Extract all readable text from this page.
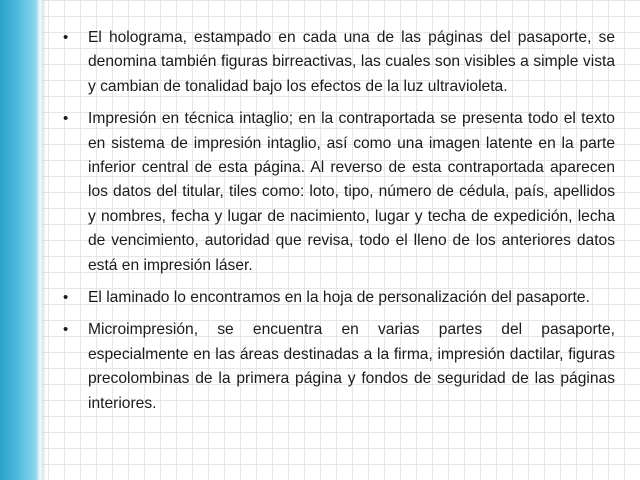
• El holograma, estampado en cada una de las páginas del pasaporte, se denomina también figuras birreactivas, las cuales son visibles a simple vista y cambian de tonalidad bajo los efectos de la luz ultravioleta.
• Impresión en técnica intaglio; en la contraportada se presenta todo el texto en sistema de impresión intaglio, así como una imagen latente en la parte inferior central de esta página. Al reverso de esta contraportada aparecen los datos del titular, tiles como: loto, tipo, número de cédula, país, apellidos y nombres, fecha y lugar de nacimiento, lugar y techa de expedición, lecha de vencimiento, autoridad que revisa, todo el lleno de los anteriores datos está en impresión láser.
• El laminado lo encontramos en la hoja de personalización del pasaporte.
• Microimpresión, se encuentra en varias partes del pasaporte, especialmente en las áreas destinadas a la firma, impresión dactilar, figuras precolombinas de la primera página y fondos de seguridad de las páginas interiores.
